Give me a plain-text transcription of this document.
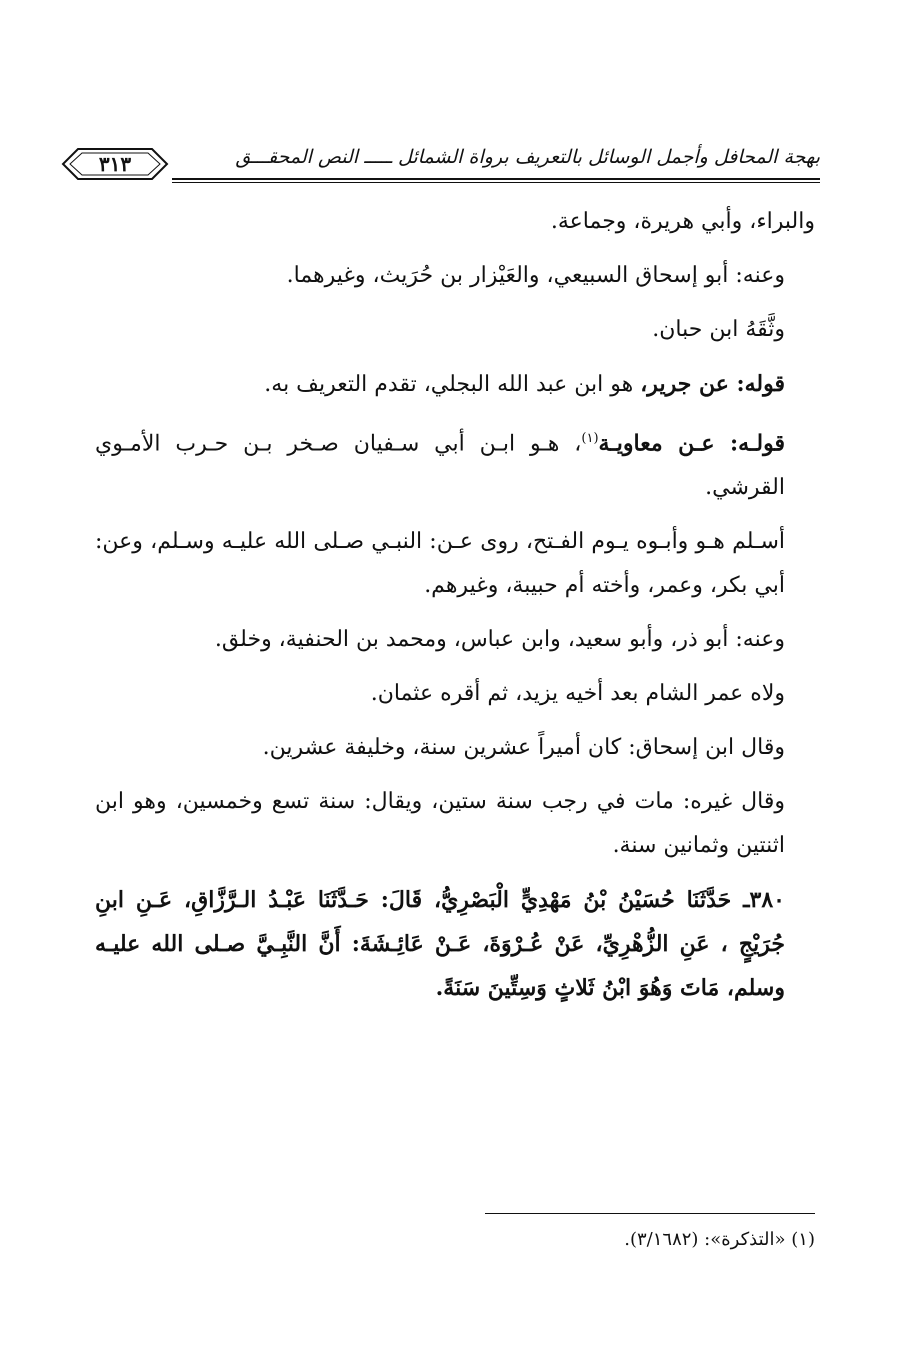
٣١٣	بهجة المحافل وأجمل الوسائل بالتعريف برواة الشمائل ـــــ النص المحقـــق

والبراء، وأبي هريرة، وجماعة.

وعنه: أبو إسحاق السبيعي، والعَيْزار بن حُرَيث، وغيرهما.

وثَّقَهُ ابن حبان.

قوله: عن جرير، هو ابن عبد الله البجلي، تقدم التعريف به.

قولـه: عـن معاويـة$^{(١)}$، هـو ابـن أبي سـفيان صـخر بـن حـرب الأمـوي القرشي.

أسـلم هـو وأبـوه يـوم الفـتح، روى عـن: النبـي صـلى الله عليـه وسـلم، وعن: أبي بكر، وعمر، وأخته أم حبيبة، وغيرهم.

وعنه: أبو ذر، وأبو سعيد، وابن عباس، ومحمد بن الحنفية، وخلق.

ولاه عمر الشام بعد أخيه يزيد، ثم أقره عثمان.

وقال ابن إسحاق: كان أميراً عشرين سنة، وخليفة عشرين.

وقال غيره: مات في رجب سنة ستين، ويقال: سنة تسع وخمسين، وهو ابن اثنتين وثمانين سنة.

٣٨٠ـ حَدَّثَنَا حُسَيْنُ بْنُ مَهْدِيٍّ الْبَصْرِيُّ، قَالَ: حَـدَّثَنَا عَبْـدُ الـرَّزَّاقِ، عَـنِ ابنِ جُرَيْجٍ ، عَنِ الزُّهْرِيِّ، عَنْ عُـرْوَةَ، عَـنْ عَائِـشَةَ: أَنَّ النَّبِـيَّ صـلى الله عليـه وسلم، مَاتَ وَهُوَ ابْنُ ثَلاثٍ وَسِتِّينَ سَنَةً.

(١) «التذكرة»: (٣/١٦٨٢).
